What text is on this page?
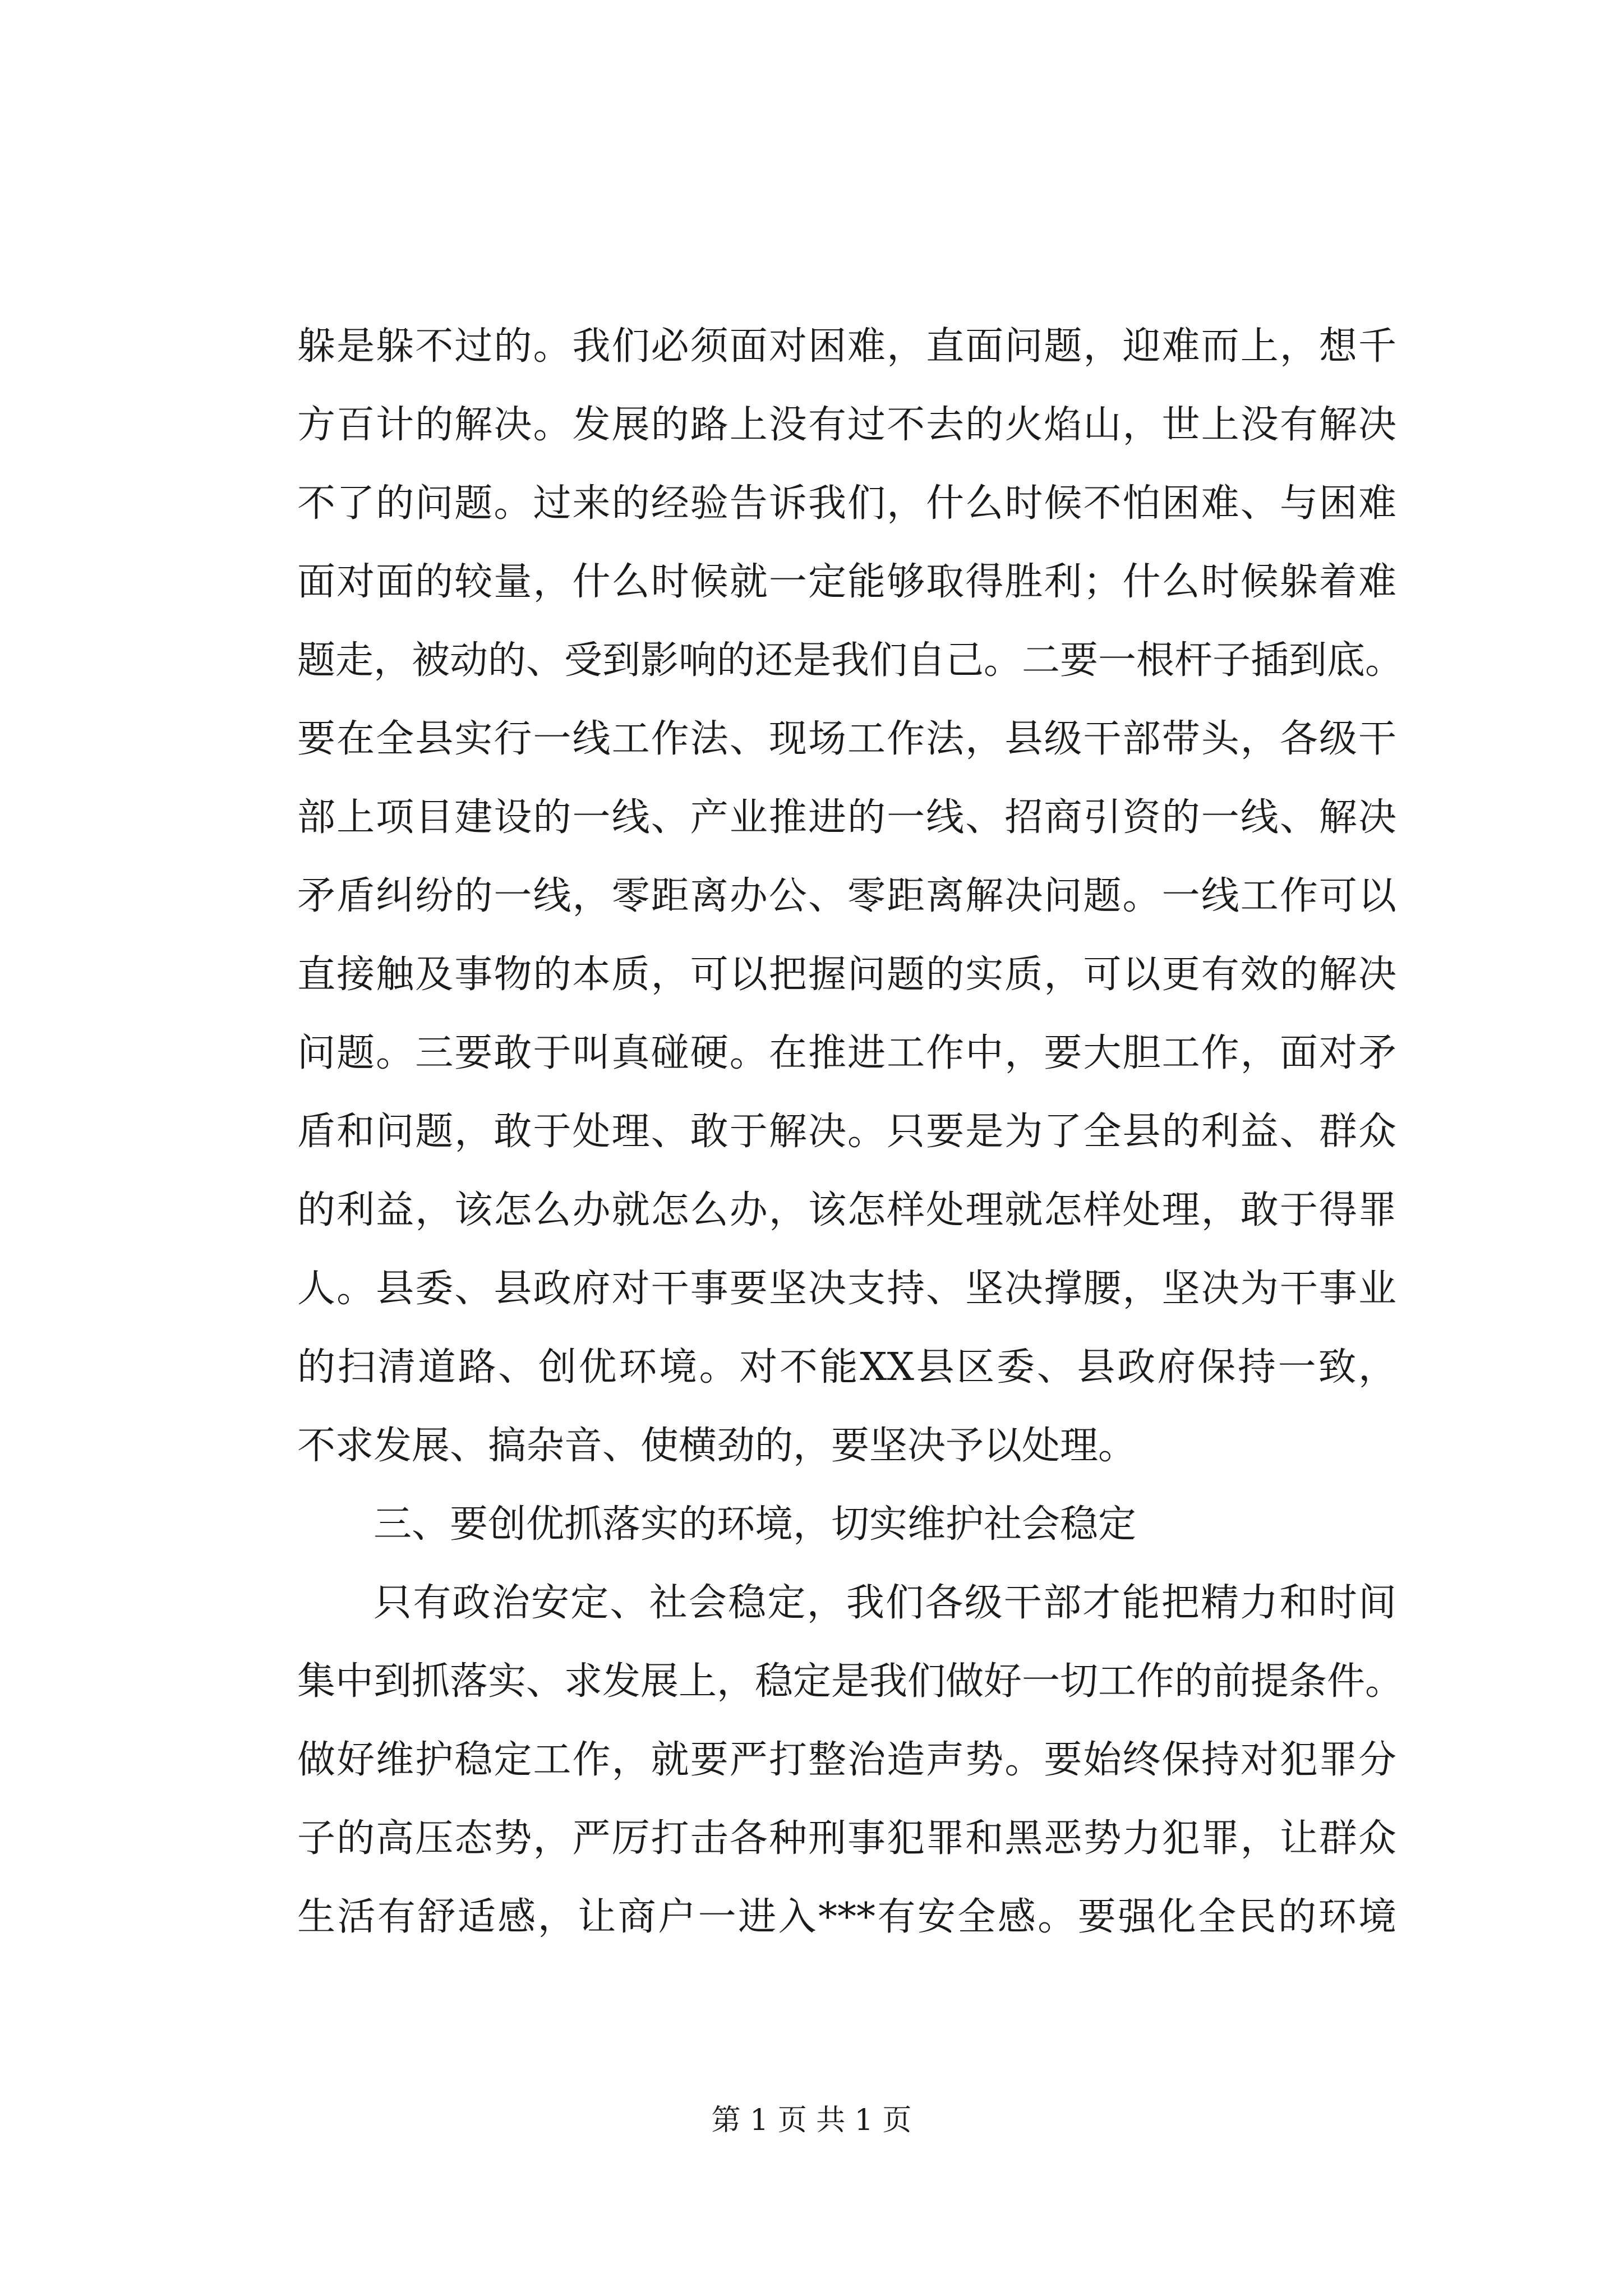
躲是躲不过的。我们必须面对困难，直面问题，迎难而上，想千
方百计的解决。发展的路上没有过不去的火焰山，世上没有解决
不了的问题。过来的经验告诉我们，什么时候不怕困难、与困难
面对面的较量，什么时候就一定能够取得胜利；什么时候躲着难
题走，被动的、受到影响的还是我们自己。二要一根杆子插到底。
要在全县实行一线工作法、现场工作法，县级干部带头，各级干
部上项目建设的一线、产业推进的一线、招商引资的一线、解决
矛盾纠纷的一线，零距离办公、零距离解决问题。一线工作可以
直接触及事物的本质，可以把握问题的实质，可以更有效的解决
问题。三要敢于叫真碰硬。在推进工作中，要大胆工作，面对矛
盾和问题，敢于处理、敢于解决。只要是为了全县的利益、群众
的利益，该怎么办就怎么办，该怎样处理就怎样处理，敢于得罪
人。县委、县政府对干事要坚决支持、坚决撑腰，坚决为干事业
的扫清道路、创优环境。对不能XX县区委、县政府保持一致，
不求发展、搞杂音、使横劲的，要坚决予以处理。
三、要创优抓落实的环境，切实维护社会稳定
只有政治安定、社会稳定，我们各级干部才能把精力和时间
集中到抓落实、求发展上，稳定是我们做好一切工作的前提条件。
做好维护稳定工作，就要严打整治造声势。要始终保持对犯罪分
子的高压态势，严厉打击各种刑事犯罪和黑恶势力犯罪，让群众
生活有舒适感，让商户一进入***有安全感。要强化全民的环境
第 1 页 共 1 页
